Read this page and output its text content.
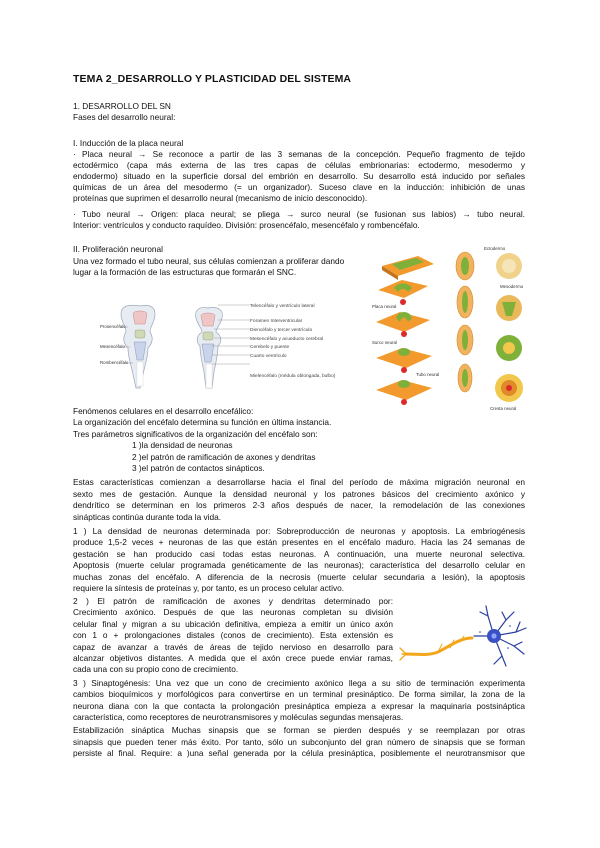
TEMA 2_DESARROLLO Y PLASTICIDAD DEL SISTEMA
1. DESARROLLO DEL SN
Fases del desarrollo neural:
I. Inducción de la placa neural
· Placa neural → Se reconoce a partir de las 3 semanas de la concepción. Pequeño fragmento de tejido
ectodérmico (capa más externa de las tres capas de células embrionarias: ectodermo, mesodermo y
endodermo) situado en la superficie dorsal del embrión en desarrollo. Su desarrollo está inducido por señales
químicas de un área del mesodermo (= un organizador). Suceso clave en la inducción: inhibición de unas
proteínas que suprimen el desarrollo neural (mecanismo de inicio desconocido).
· Tubo neural → Origen: placa neural; se pliega → surco neural (se fusionan sus labios) → tubo neural.
Interior: ventrículos y conducto raquídeo. División: prosencéfalo, mesencéfalo y rombencéfalo.
II. Proliferación neuronal
Una vez formado el tubo neural, sus células comienzan a proliferar dando
lugar a la formación de las estructuras que formarán el SNC.
Prosencéfalo
Mesencéfalo
Rombencéfalo
Telencéfalo y ventrículo lateral
Foramen Interventricular
Diencéfalo y tercer ventrículo
Mesencéfalo y acueducto cerebral
Cerebelo y puente
Cuarto ventrículo
Mielencéfalo (médula oblongada, bulbo)
Ectodermo
Mesodermo
Placa neural
Surco neural
Tubo neural
Cresta neural
Fenómenos celulares en el desarrollo encefálico:
La organización del encéfalo determina su función en última instancia.
Tres parámetros significativos de la organización del encéfalo son:
1 )la densidad de neuronas
2 )el patrón de ramificación de axones y dendritas
3 )el patrón de contactos sinápticos.
Estas características comienzan a desarrollarse hacia el final del período de máxima migración neuronal en
sexto mes de gestación. Aunque la densidad neuronal y los patrones básicos del crecimiento axónico y
dendrítico se determinan en los primeros 2-3 años después de nacer, la remodelación de las conexiones
sinápticas continúa durante toda la vida.
1 ) La densidad de neuronas determinada por: Sobreproducción de neuronas y apoptosis. La embriogénesis
produce 1,5-2 veces + neuronas de las que están presentes en el encéfalo maduro. Hacia las 24 semanas de
gestación se han producido casi todas estas neuronas. A continuación, una muerte neuronal selectiva.
Apoptosis (muerte celular programada genéticamente de las neuronas); característica del desarrollo celular en
muchas zonas del encéfalo. A diferencia de la necrosis (muerte celular secundaria a lesión), la apoptosis
requiere la síntesis de proteínas y, por tanto, es un proceso celular activo.
2 ) El patrón de ramificación de axones y dendritas determinado por:
Crecimiento axónico. Después de que las neuronas completan su división
celular final y migran a su ubicación definitiva, empieza a emitir un único axón
con 1 o + prolongaciones distales (conos de crecimiento). Esta extensión es
capaz de avanzar a través de áreas de tejido nervioso en desarrollo para
alcanzar objetivos distantes. A medida que el axón crece puede enviar ramas,
cada una con su propio cono de crecimiento.
3 ) Sinaptogénesis: Una vez que un cono de crecimiento axónico llega a su sitio de terminación experimenta
cambios bioquímicos y morfológicos para convertirse en un terminal presináptico. De forma similar, la zona de la
neurona diana con la que contacta la prolongación presináptica empieza a expresar la maquinaria postsináptica
característica, como receptores de neurotransmisores y moléculas segundas mensajeras.
Estabilización sináptica Muchas sinapsis que se forman se pierden después y se reemplazan por otras
sinapsis que pueden tener más éxito. Por tanto, sólo un subconjunto del gran número de sinapsis que se forman
persiste al final. Require: a )una señal generada por la célula presináptica, posiblemente el neurotransmisor que
